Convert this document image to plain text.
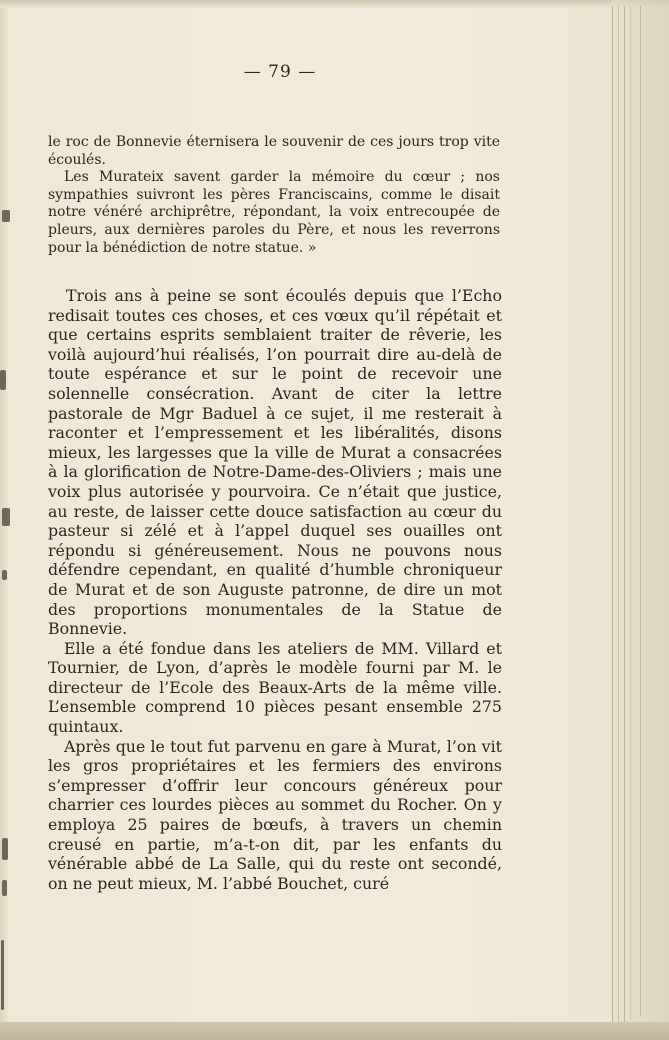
— 79 —

le roc de Bonnevie éternisera le souvenir de ces jours trop vite écoulés.

Les Murateix savent garder la mémoire du cœur ; nos sympathies suivront les pères Franciscains, comme le disait notre vénéré archiprêtre, répondant, la voix entrecoupée de pleurs, aux dernières paroles du Père, et nous les reverrons pour la bénédiction de notre statue. »

Trois ans à peine se sont écoulés depuis que l’Echo redisait toutes ces choses, et ces vœux qu’il répétait et que certains esprits semblaient traiter de rêverie, les voilà aujourd’hui réalisés, l’on pourrait dire au-delà de toute espérance et sur le point de recevoir une solennelle consécration. Avant de citer la lettre pastorale de Mgr Baduel à ce sujet, il me resterait à raconter et l’empressement et les libéralités, disons mieux, les largesses que la ville de Murat a consacrées à la glorification de Notre-Dame-des-Oliviers ; mais une voix plus autorisée y pourvoira. Ce n’était que justice, au reste, de laisser cette douce satisfaction au cœur du pasteur si zélé et à l’appel duquel ses ouailles ont répondu si généreusement. Nous ne pouvons nous défendre cependant, en qualité d’humble chroniqueur de Murat et de son Auguste patronne, de dire un mot des proportions monumentales de la Statue de Bonnevie.

Elle a été fondue dans les ateliers de MM. Villard et Tournier, de Lyon, d’après le modèle fourni par M. le directeur de l’Ecole des Beaux-Arts de la même ville. L’ensemble comprend 10 pièces pesant ensemble 275 quintaux.

Après que le tout fut parvenu en gare à Murat, l’on vit les gros propriétaires et les fermiers des environs s’empresser d’offrir leur concours généreux pour charrier ces lourdes pièces au sommet du Rocher. On y employa 25 paires de bœufs, à travers un chemin creusé en partie, m’a-t-on dit, par les enfants du vénérable abbé de La Salle, qui du reste ont secondé, on ne peut mieux, M. l’abbé Bouchet, curé
